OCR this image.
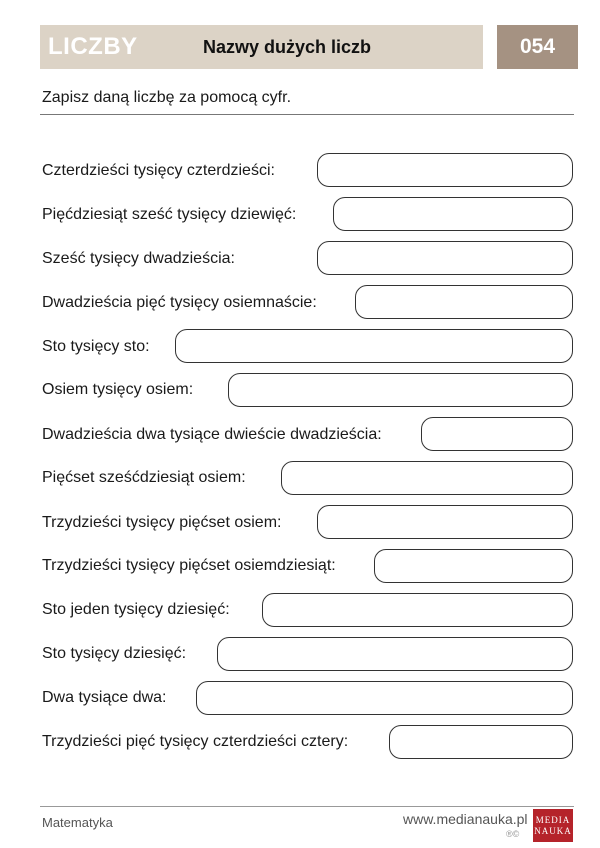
LICZBY	Nazwy dużych liczb	054
Zapisz daną liczbę za pomocą cyfr.
Czterdzieści tysięcy czterdzieści:
Pięćdziesiąt sześć tysięcy dziewięć:
Sześć tysięcy dwadzieścia:
Dwadzieścia pięć tysięcy osiemnaście:
Sto tysięcy sto:
Osiem tysięcy osiem:
Dwadzieścia dwa tysiące dwieście dwadzieścia:
Pięćset sześćdziesiąt osiem:
Trzydzieści tysięcy pięćset osiem:
Trzydzieści tysięcy pięćset osiemdziesiąt:
Sto jeden tysięcy dziesięć:
Sto tysięcy dziesięć:
Dwa tysiące dwa:
Trzydzieści pięć tysięcy czterdzieści cztery:
Matematyka	www.medianauka.pl
®©
MEDIA
NAUKA
